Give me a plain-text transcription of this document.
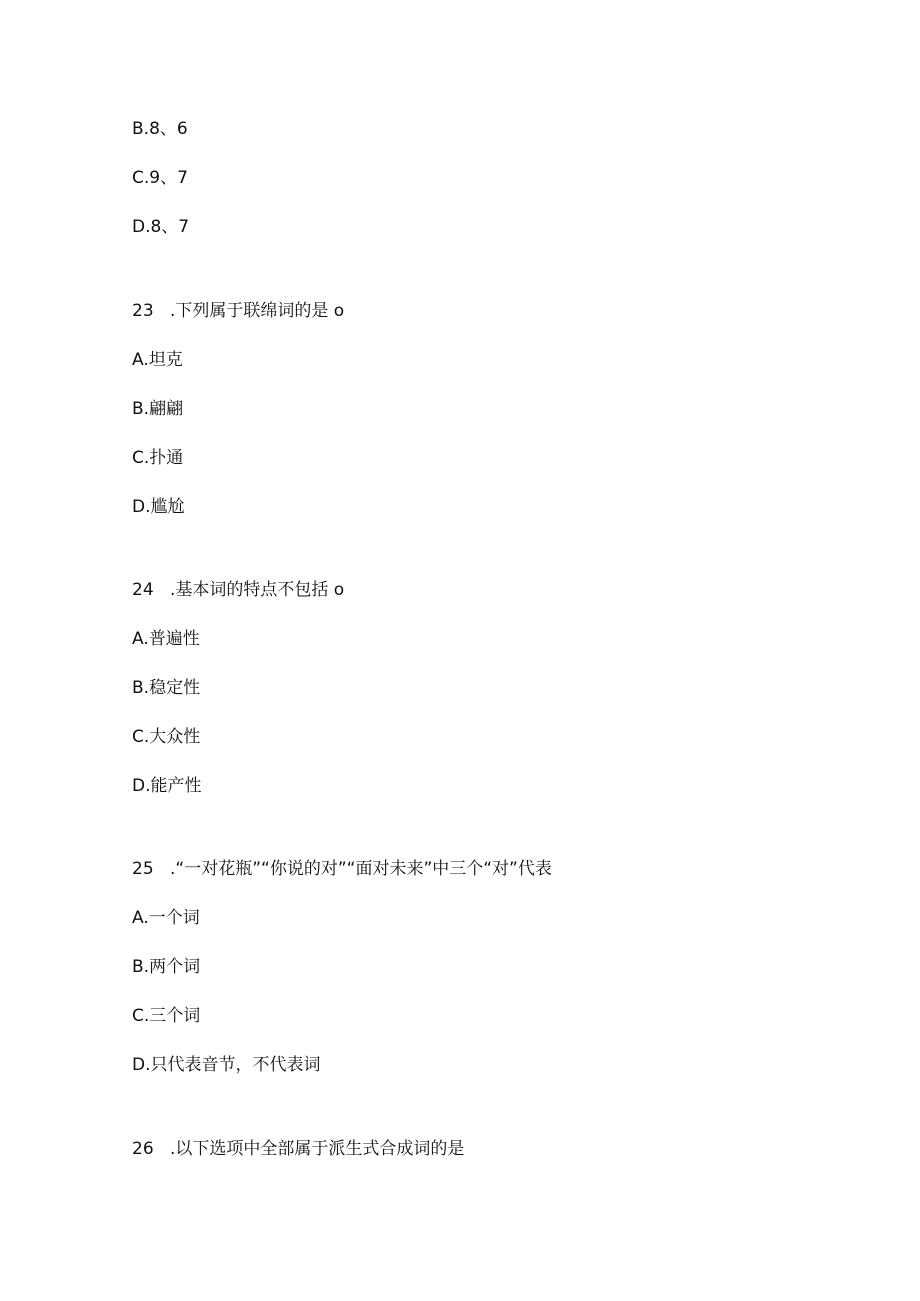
B.8、6
C.9、7
D.8、7
23 .下列属于联绵词的是 o
A.坦克
B.翩翩
C.扑通
D.尴尬
24 .基本词的特点不包括 o
A.普遍性
B.稳定性
C.大众性
D.能产性
25 .“一对花瓶”“你说的对”“面对未来”中三个“对”代表
A.一个词
B.两个词
C.三个词
D.只代表音节，不代表词
26 .以下选项中全部属于派生式合成词的是
